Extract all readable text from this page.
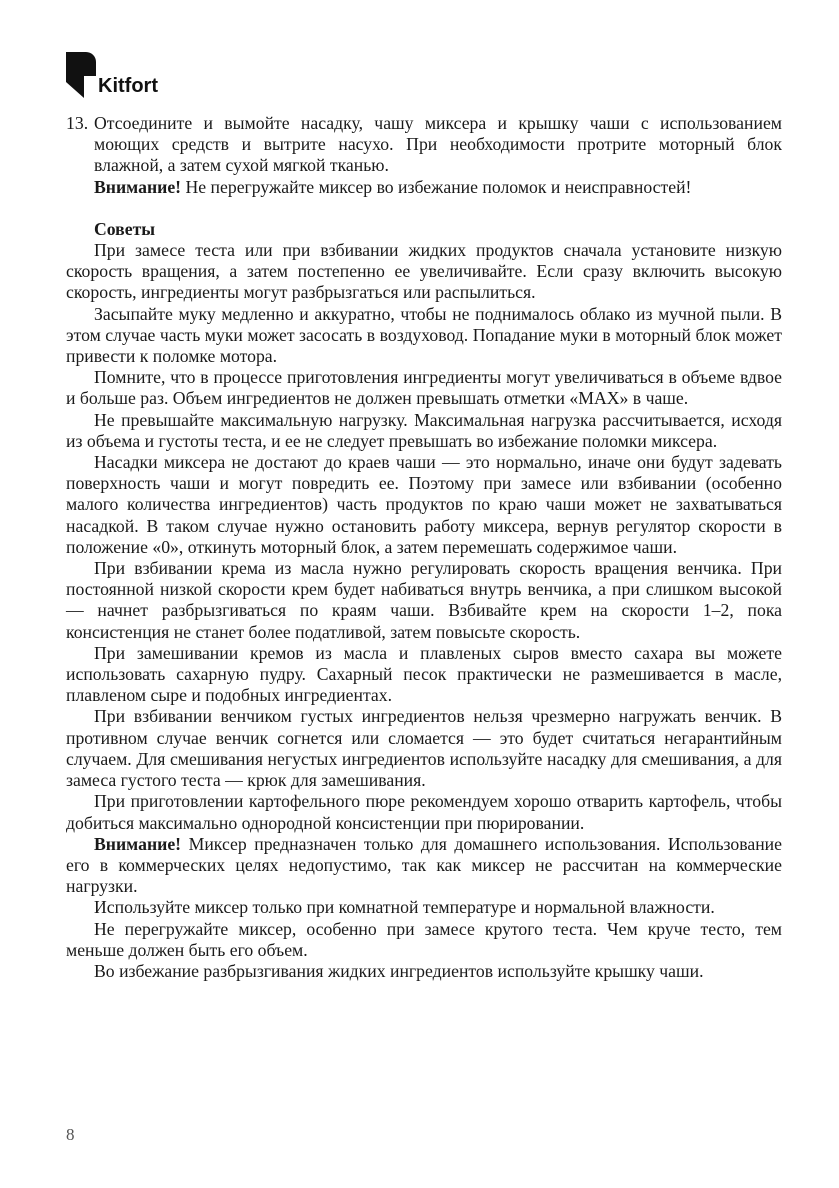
Kitfort
13. Отсоедините и вымойте насадку, чашу миксера и крышку чаши с использованием моющих средств и вытрите насухо. При необходимости протрите моторный блок влажной, а затем сухой мягкой тканью.

Внимание! Не перегружайте миксер во избежание поломок и неисправностей!

Советы

При замесе теста или при взбивании жидких продуктов сначала установите низкую скорость вращения, а затем постепенно ее увеличивайте. Если сразу включить высокую скорость, ингредиенты могут разбрызгаться или распылиться.

Засыпайте муку медленно и аккуратно, чтобы не поднималось облако из мучной пыли. В этом случае часть муки может засосать в воздуховод. Попадание муки в моторный блок может привести к поломке мотора.

Помните, что в процессе приготовления ингредиенты могут увеличиваться в объеме вдвое и больше раз. Объем ингредиентов не должен превышать отметки «MAX» в чаше.

Не превышайте максимальную нагрузку. Максимальная нагрузка рассчитывается, исходя из объема и густоты теста, и ее не следует превышать во избежание поломки миксера.

Насадки миксера не достают до краев чаши — это нормально, иначе они будут задевать поверхность чаши и могут повредить ее. Поэтому при замесе или взбивании (особенно малого количества ингредиентов) часть продуктов по краю чаши может не захватываться насадкой. В таком случае нужно остановить работу миксера, вернув регулятор скорости в положение «0», откинуть моторный блок, а затем перемешать содержимое чаши.

При взбивании крема из масла нужно регулировать скорость вращения венчика. При постоянной низкой скорости крем будет набиваться внутрь венчика, а при слишком высокой — начнет разбрызгиваться по краям чаши. Взбивайте крем на скорости 1–2, пока консистенция не станет более податливой, затем повысьте скорость.

При замешивании кремов из масла и плавленых сыров вместо сахара вы можете использовать сахарную пудру. Сахарный песок практически не размешивается в масле, плавленом сыре и подобных ингредиентах.

При взбивании венчиком густых ингредиентов нельзя чрезмерно нагружать венчик. В противном случае венчик согнется или сломается — это будет считаться негарантийным случаем. Для смешивания негустых ингредиентов используйте насадку для смешивания, а для замеса густого теста — крюк для замешивания.

При приготовлении картофельного пюре рекомендуем хорошо отварить картофель, чтобы добиться максимально однородной консистенции при пюрировании.

Внимание! Миксер предназначен только для домашнего использования. Использование его в коммерческих целях недопустимо, так как миксер не рассчитан на коммерческие нагрузки.

Используйте миксер только при комнатной температуре и нормальной влажности.

Не перегружайте миксер, особенно при замесе крутого теста. Чем круче тесто, тем меньше должен быть его объем.

Во избежание разбрызгивания жидких ингредиентов используйте крышку чаши.

8
